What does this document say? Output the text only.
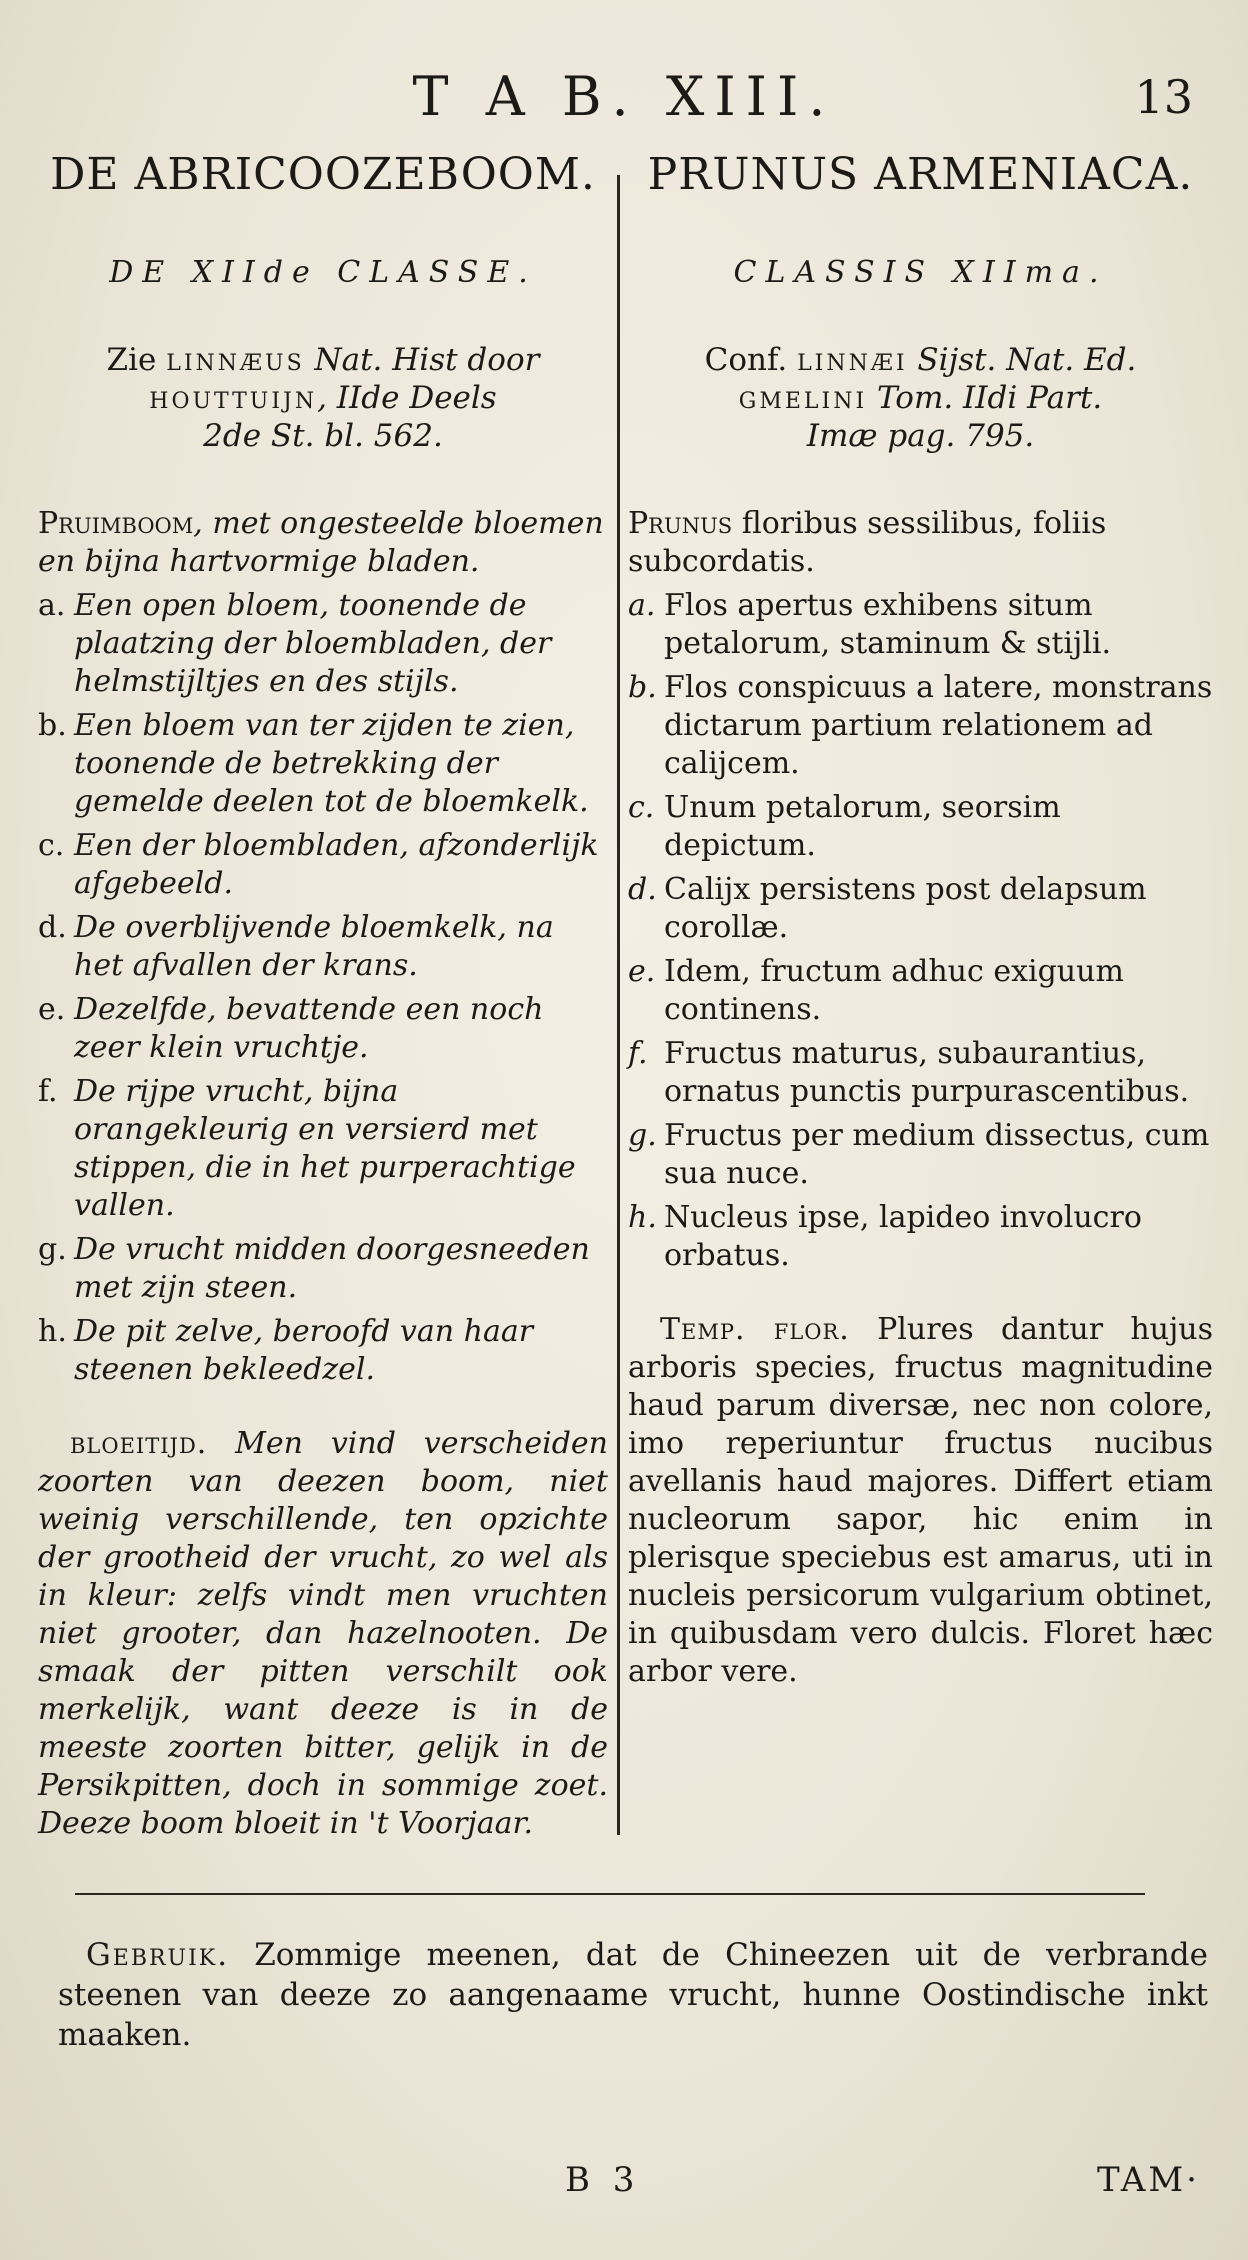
T A B. XIII.	13
DE ABRICOOZEBOOM.
DE XIIde CLASSE.
Zie linnæus Nat. Hist door
houttuijn, IIde Deels
2de St. bl. 562.
Pruimboom, met ongesteelde bloemen en bijna hartvormige bladen.
a. Een open bloem, toonende de plaatzing der bloembladen, der helmstijltjes en des stijls.
b. Een bloem van ter zijden te zien, toonende de betrekking der gemelde deelen tot de bloemkelk.
c. Een der bloembladen, afzonderlijk afgebeeld.
d. De overblijvende bloemkelk, na het afvallen der krans.
e. Dezelfde, bevattende een noch zeer klein vruchtje.
f. De rijpe vrucht, bijna orangekleurig en versierd met stippen, die in het purperachtige vallen.
g. De vrucht midden doorgesneeden met zijn steen.
h. De pit zelve, beroofd van haar steenen bekleedzel.
bloeitijd. Men vind verscheiden zoorten van deezen boom, niet weinig verschillende, ten opzichte der grootheid der vrucht, zo wel als in kleur: zelfs vindt men vruchten niet grooter, dan hazelnooten. De smaak der pitten verschilt ook merkelijk, want deeze is in de meeste zoorten bitter, gelijk in de Persikpitten, doch in sommige zoet. Deeze boom bloeit in 't Voorjaar.
PRUNUS ARMENIACA.
CLASSIS XIIma.
Conf. linnæi Sijst. Nat. Ed.
gmelini Tom. IIdi Part.
Imæ pag. 795.
Prunus floribus sessilibus, foliis subcordatis.
a. Flos apertus exhibens situm petalorum, staminum & stijli.
b. Flos conspicuus a latere, monstrans dictarum partium relationem ad calijcem.
c. Unum petalorum, seorsim depictum.
d. Calijx persistens post delapsum corollæ.
e. Idem, fructum adhuc exiguum continens.
f. Fructus maturus, subaurantius, ornatus punctis purpurascentibus.
g. Fructus per medium dissectus, cum sua nuce.
h. Nucleus ipse, lapideo involucro orbatus.
Temp. flor. Plures dantur hujus arboris species, fructus magnitudine haud parum diversæ, nec non colore, imo reperiuntur fructus nucibus avellanis haud majores. Differt etiam nucleorum sapor, hic enim in plerisque speciebus est amarus, uti in nucleis persicorum vulgarium obtinet, in quibusdam vero dulcis. Floret hæc arbor vere.
Gebruik. Zommige meenen, dat de Chineezen uit de verbrande steenen van deeze zo aangenaame vrucht, hunne Oostindische inkt maaken.
B 3	TAM·
